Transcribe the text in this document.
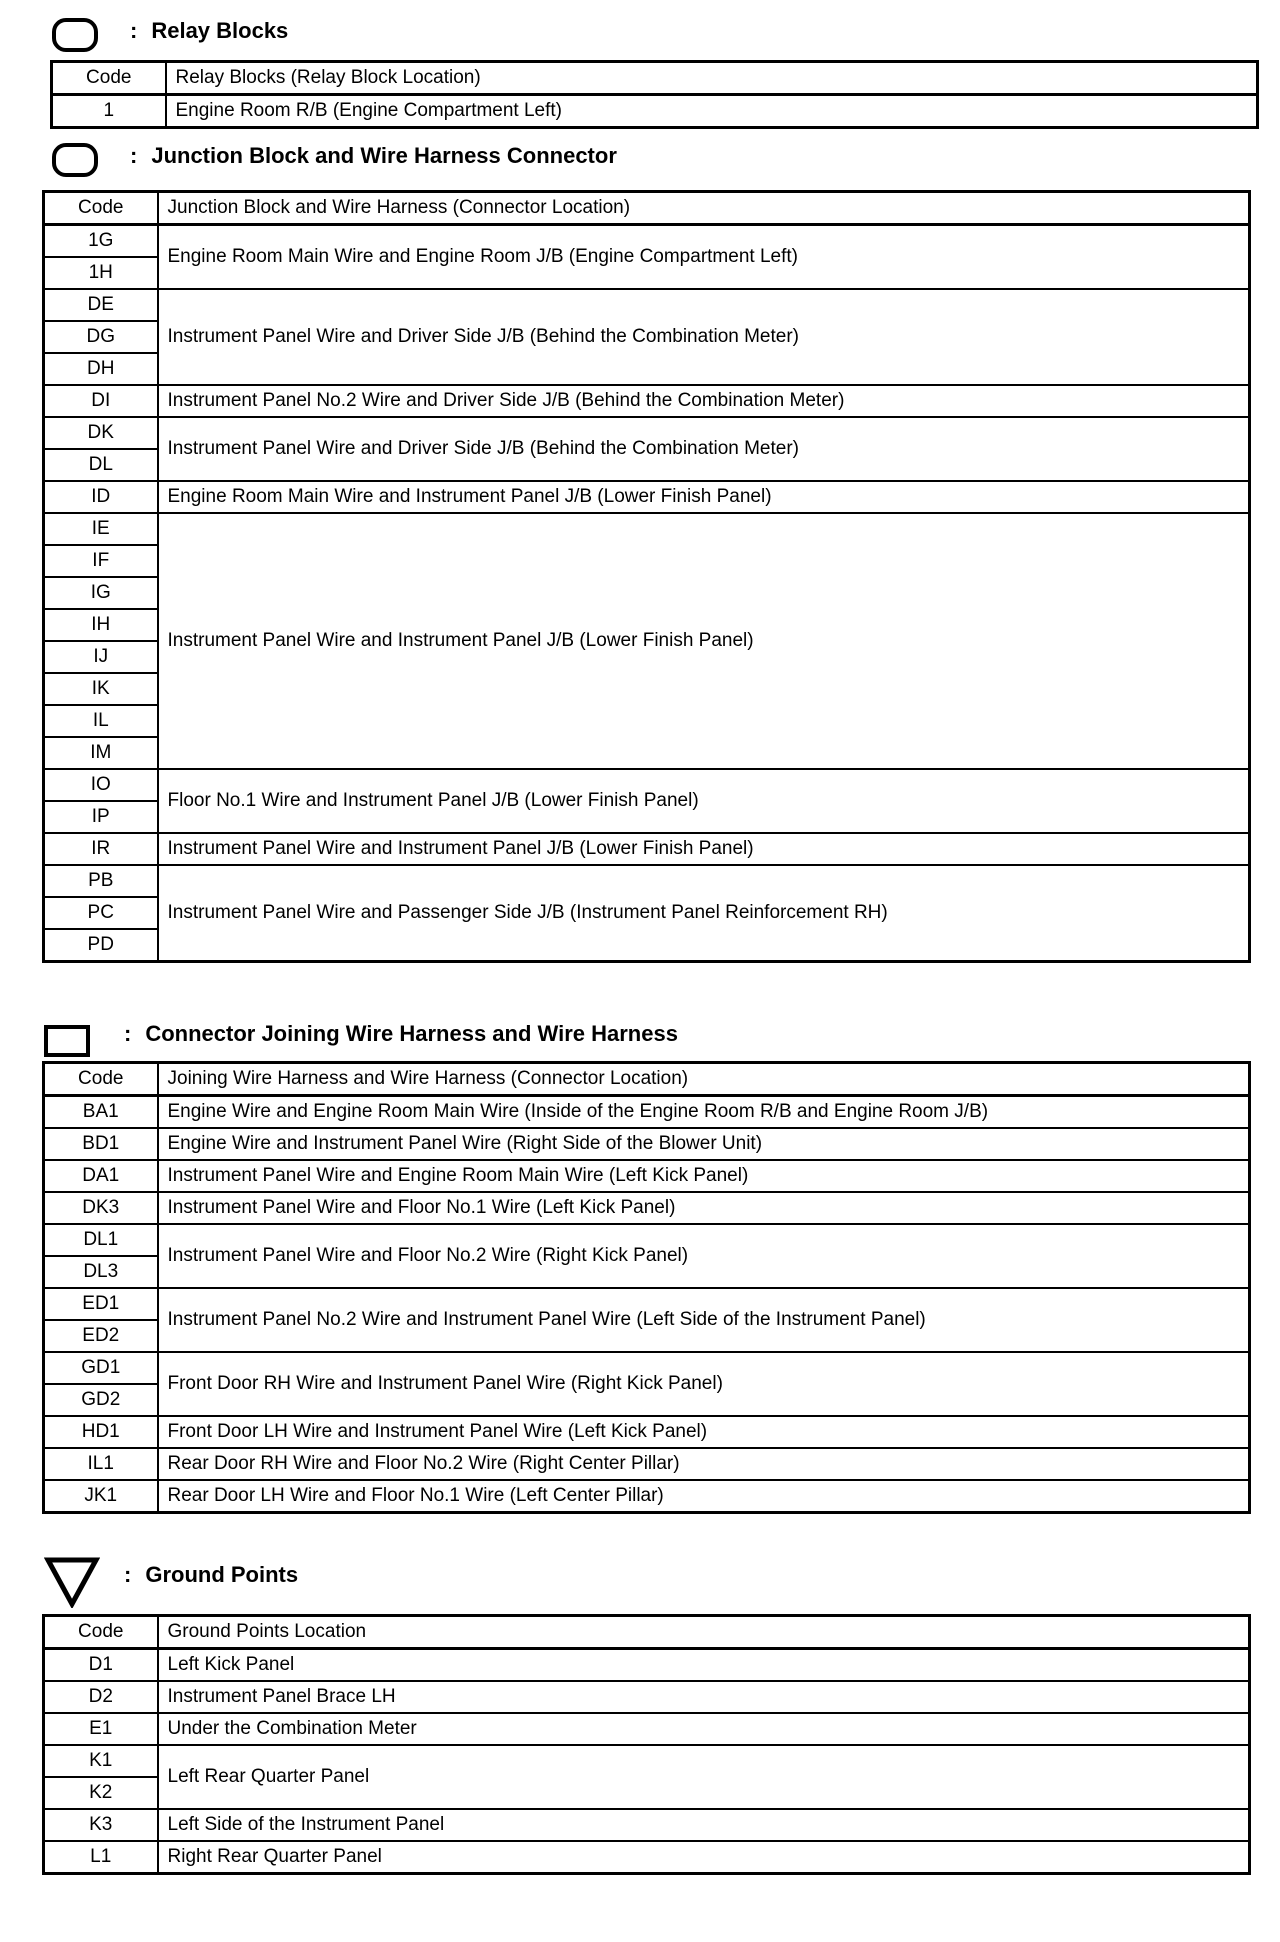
: Relay Blocks
Code	Relay Blocks (Relay Block Location)
1	Engine Room R/B (Engine Compartment Left)
: Junction Block and Wire Harness Connector
Code	Junction Block and Wire Harness (Connector Location)
1G	Engine Room Main Wire and Engine Room J/B (Engine Compartment Left)
1H	
DE	Instrument Panel Wire and Driver Side J/B (Behind the Combination Meter)
DG	
DH	
DI	Instrument Panel No.2 Wire and Driver Side J/B (Behind the Combination Meter)
DK	Instrument Panel Wire and Driver Side J/B (Behind the Combination Meter)
DL	
ID	Engine Room Main Wire and Instrument Panel J/B (Lower Finish Panel)
IE	Instrument Panel Wire and Instrument Panel J/B (Lower Finish Panel)
IF	
IG	
IH	
IJ	
IK	
IL	
IM	
IO	Floor No.1 Wire and Instrument Panel J/B (Lower Finish Panel)
IP	
IR	Instrument Panel Wire and Instrument Panel J/B (Lower Finish Panel)
PB	Instrument Panel Wire and Passenger Side J/B (Instrument Panel Reinforcement RH)
PC	
PD	
: Connector Joining Wire Harness and Wire Harness
Code	Joining Wire Harness and Wire Harness (Connector Location)
BA1	Engine Wire and Engine Room Main Wire (Inside of the Engine Room R/B and Engine Room J/B)
BD1	Engine Wire and Instrument Panel Wire (Right Side of the Blower Unit)
DA1	Instrument Panel Wire and Engine Room Main Wire (Left Kick Panel)
DK3	Instrument Panel Wire and Floor No.1 Wire (Left Kick Panel)
DL1	Instrument Panel Wire and Floor No.2 Wire (Right Kick Panel)
DL3	
ED1	Instrument Panel No.2 Wire and Instrument Panel Wire (Left Side of the Instrument Panel)
ED2	
GD1	Front Door RH Wire and Instrument Panel Wire (Right Kick Panel)
GD2	
HD1	Front Door LH Wire and Instrument Panel Wire (Left Kick Panel)
IL1	Rear Door RH Wire and Floor No.2 Wire (Right Center Pillar)
JK1	Rear Door LH Wire and Floor No.1 Wire (Left Center Pillar)
: Ground Points
Code	Ground Points Location
D1	Left Kick Panel
D2	Instrument Panel Brace LH
E1	Under the Combination Meter
K1	Left Rear Quarter Panel
K2	
K3	Left Side of the Instrument Panel
L1	Right Rear Quarter Panel
